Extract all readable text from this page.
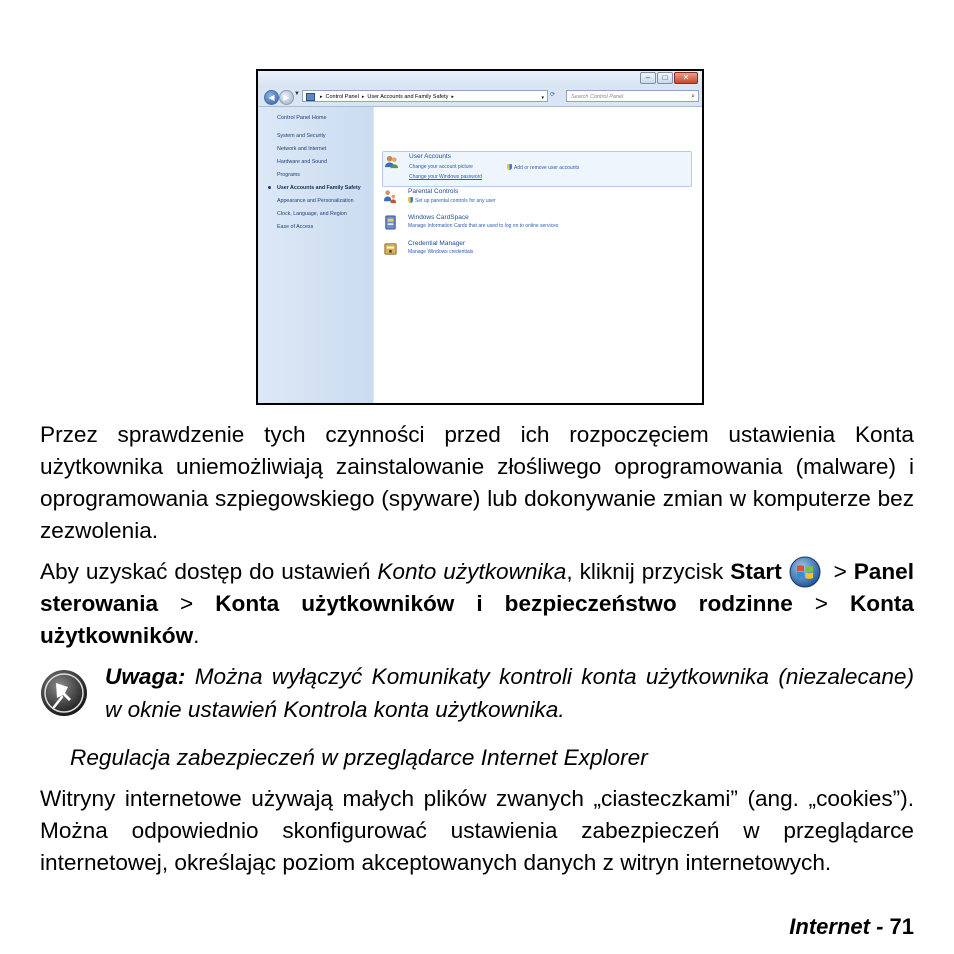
–	□	✕
◀	▶ ▼	▸ Control Panel ▸ User Accounts and Family Safety ▸	▾ ⟳	Search Control Panel	⌕
Control Panel Home
System and Security
Network and Internet
Hardware and Sound
Programs
User Accounts and Family Safety
Appearance and Personalization
Clock, Language, and Region
Ease of Access
User Accounts
Change your account picture	Add or remove user accounts
Change your Windows password
Parental Controls
Set up parental controls for any user
Windows CardSpace
Manage Information Cards that are used to log on to online services
Credential Manager
Manage Windows credentials
Przez sprawdzenie tych czynności przed ich rozpoczęciem ustawienia Konta użytkownika uniemożliwiają zainstalowanie złośliwego oprogramowania (malware) i oprogramowania szpiegowskiego (spyware) lub dokonywanie zmian w komputerze bez zezwolenia.
Aby uzyskać dostęp do ustawień Konto użytkownika, kliknij przycisk Start  > Panel sterowania > Konta użytkowników i bezpieczeństwo rodzinne > Konta użytkowników.
Uwaga: Można wyłączyć Komunikaty kontroli konta użytkownika (niezalecane) w oknie ustawień Kontrola konta użytkownika.
Regulacja zabezpieczeń w przeglądarce Internet Explorer
Witryny internetowe używają małych plików zwanych „ciasteczkami” (ang. „cookies”). Można odpowiednio skonfigurować ustawienia zabezpieczeń w przeglądarce internetowej, określając poziom akceptowanych danych z witryn internetowych.
Internet - 71
